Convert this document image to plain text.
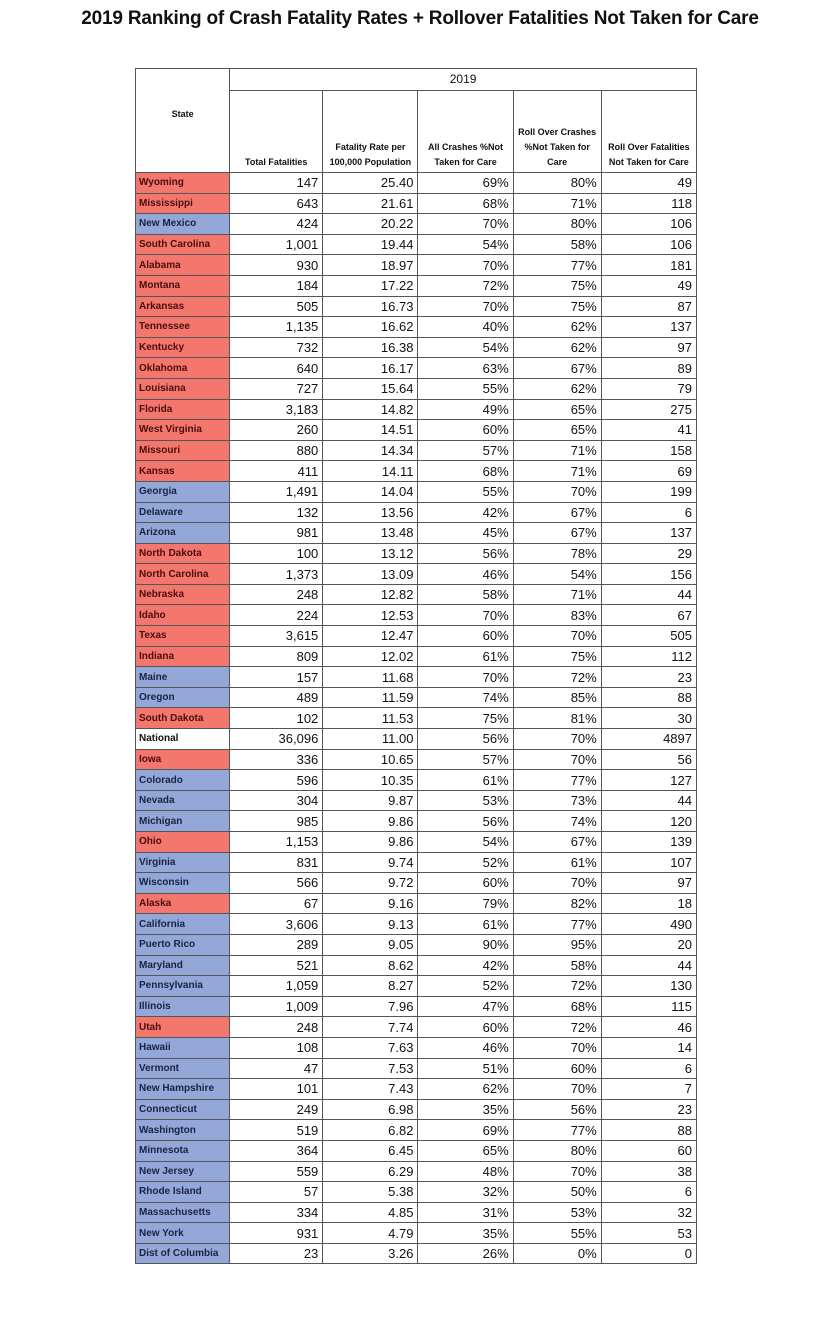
2019 Ranking of Crash Fatality Rates + Rollover Fatalities Not Taken for Care
State	2019				
	Total Fatalities	Fatality Rate per 100,000 Population	All Crashes %Not Taken for Care	Roll Over Crashes %Not Taken for Care	Roll Over Fatalities Not Taken for Care
Wyoming	147	25.40	69%	80%	49
Mississippi	643	21.61	68%	71%	118
New Mexico	424	20.22	70%	80%	106
South Carolina	1,001	19.44	54%	58%	106
Alabama	930	18.97	70%	77%	181
Montana	184	17.22	72%	75%	49
Arkansas	505	16.73	70%	75%	87
Tennessee	1,135	16.62	40%	62%	137
Kentucky	732	16.38	54%	62%	97
Oklahoma	640	16.17	63%	67%	89
Louisiana	727	15.64	55%	62%	79
Florida	3,183	14.82	49%	65%	275
West Virginia	260	14.51	60%	65%	41
Missouri	880	14.34	57%	71%	158
Kansas	411	14.11	68%	71%	69
Georgia	1,491	14.04	55%	70%	199
Delaware	132	13.56	42%	67%	6
Arizona	981	13.48	45%	67%	137
North Dakota	100	13.12	56%	78%	29
North Carolina	1,373	13.09	46%	54%	156
Nebraska	248	12.82	58%	71%	44
Idaho	224	12.53	70%	83%	67
Texas	3,615	12.47	60%	70%	505
Indiana	809	12.02	61%	75%	112
Maine	157	11.68	70%	72%	23
Oregon	489	11.59	74%	85%	88
South Dakota	102	11.53	75%	81%	30
National	36,096	11.00	56%	70%	4897
Iowa	336	10.65	57%	70%	56
Colorado	596	10.35	61%	77%	127
Nevada	304	9.87	53%	73%	44
Michigan	985	9.86	56%	74%	120
Ohio	1,153	9.86	54%	67%	139
Virginia	831	9.74	52%	61%	107
Wisconsin	566	9.72	60%	70%	97
Alaska	67	9.16	79%	82%	18
California	3,606	9.13	61%	77%	490
Puerto Rico	289	9.05	90%	95%	20
Maryland	521	8.62	42%	58%	44
Pennsylvania	1,059	8.27	52%	72%	130
Illinois	1,009	7.96	47%	68%	115
Utah	248	7.74	60%	72%	46
Hawaii	108	7.63	46%	70%	14
Vermont	47	7.53	51%	60%	6
New Hampshire	101	7.43	62%	70%	7
Connecticut	249	6.98	35%	56%	23
Washington	519	6.82	69%	77%	88
Minnesota	364	6.45	65%	80%	60
New Jersey	559	6.29	48%	70%	38
Rhode Island	57	5.38	32%	50%	6
Massachusetts	334	4.85	31%	53%	32
New York	931	4.79	35%	55%	53
Dist of Columbia	23	3.26	26%	0%	0
